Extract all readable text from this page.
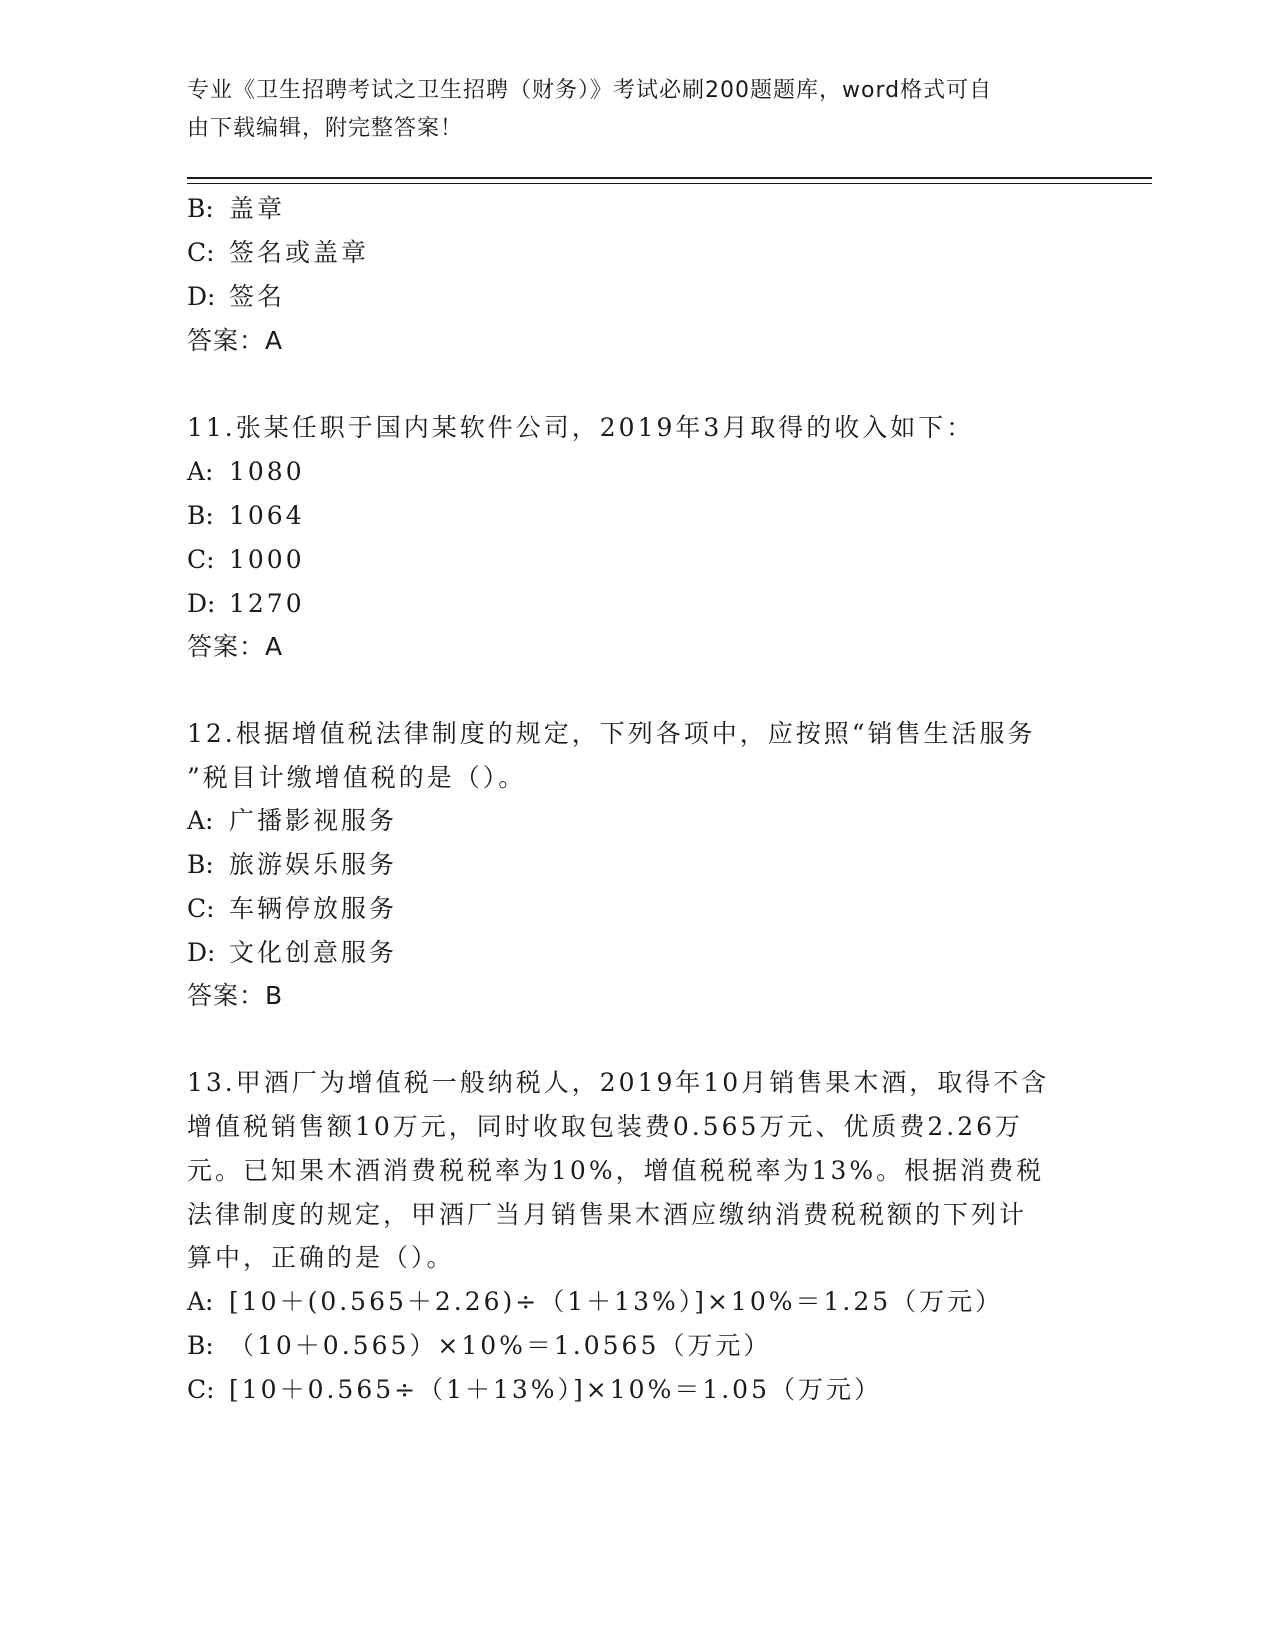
专业《卫生招聘考试之卫生招聘（财务）》考试必刷200题题库，word格式可自
由下载编辑，附完整答案！
B: 盖章
C: 签名或盖章
D: 签名
答案：A
11.张某任职于国内某软件公司，2019年3月取得的收入如下：
A: 1080
B: 1064
C: 1000
D: 1270
答案：A
12.根据增值税法律制度的规定，下列各项中，应按照“销售生活服务
”税目计缴增值税的是（）。
A: 广播影视服务
B: 旅游娱乐服务
C: 车辆停放服务
D: 文化创意服务
答案：B
13.甲酒厂为增值税一般纳税人，2019年10月销售果木酒，取得不含
增值税销售额10万元，同时收取包装费0.565万元、优质费2.26万
元。已知果木酒消费税税率为10%，增值税税率为13%。根据消费税
法律制度的规定，甲酒厂当月销售果木酒应缴纳消费税税额的下列计
算中，正确的是（）。
A: [10＋(0.565＋2.26)÷（1＋13%）]×10%＝1.25（万元）
B: （10＋0.565）×10%＝1.0565（万元）
C: [10＋0.565÷（1＋13%）]×10%＝1.05（万元）
